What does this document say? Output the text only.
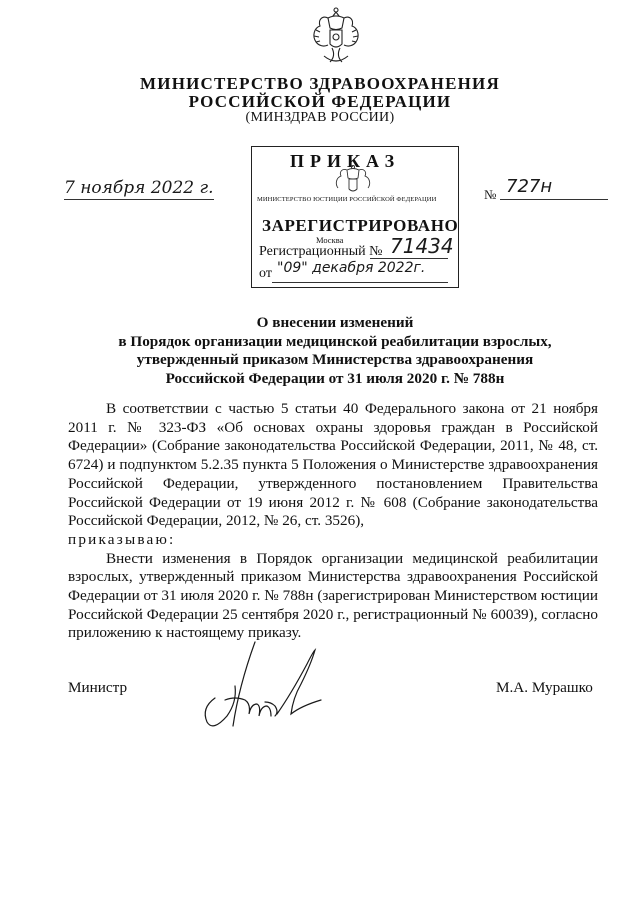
МИНИСТЕРСТВО ЗДРАВООХРАНЕНИЯ
РОССИЙСКОЙ ФЕДЕРАЦИИ
(МИНЗДРАВ РОССИИ)
7 ноября 2022 г.	№ 727н
ПРИКАЗ
МИНИСТЕРСТВО ЮСТИЦИИ РОССИЙСКОЙ ФЕДЕРАЦИИ
ЗАРЕГИСТРИРОВАНО
Москва
Регистрационный № 71434
от "09" декабря 2022г.
О внесении изменений
в Порядок организации медицинской реабилитации взрослых,
утвержденный приказом Министерства здравоохранения
Российской Федерации от 31 июля 2020 г. № 788н

В соответствии с частью 5 статьи 40 Федерального закона от 21 ноября 2011 г. № 323-ФЗ «Об основах охраны здоровья граждан в Российской Федерации» (Собрание законодательства Российской Федерации, 2011, № 48, ст. 6724) и подпунктом 5.2.35 пункта 5 Положения о Министерстве здравоохранения Российской Федерации, утвержденного постановлением Правительства Российской Федерации от 19 июня 2012 г. № 608 (Собрание законодательства Российской Федерации, 2012, № 26, ст. 3526),

приказываю:

Внести изменения в Порядок организации медицинской реабилитации взрослых, утвержденный приказом Министерства здравоохранения Российской Федерации от 31 июля 2020 г. № 788н (зарегистрирован Министерством юстиции Российской Федерации 25 сентября 2020 г., регистрационный № 60039), согласно приложению к настоящему приказу.

Министр	М.А. Мурашко
